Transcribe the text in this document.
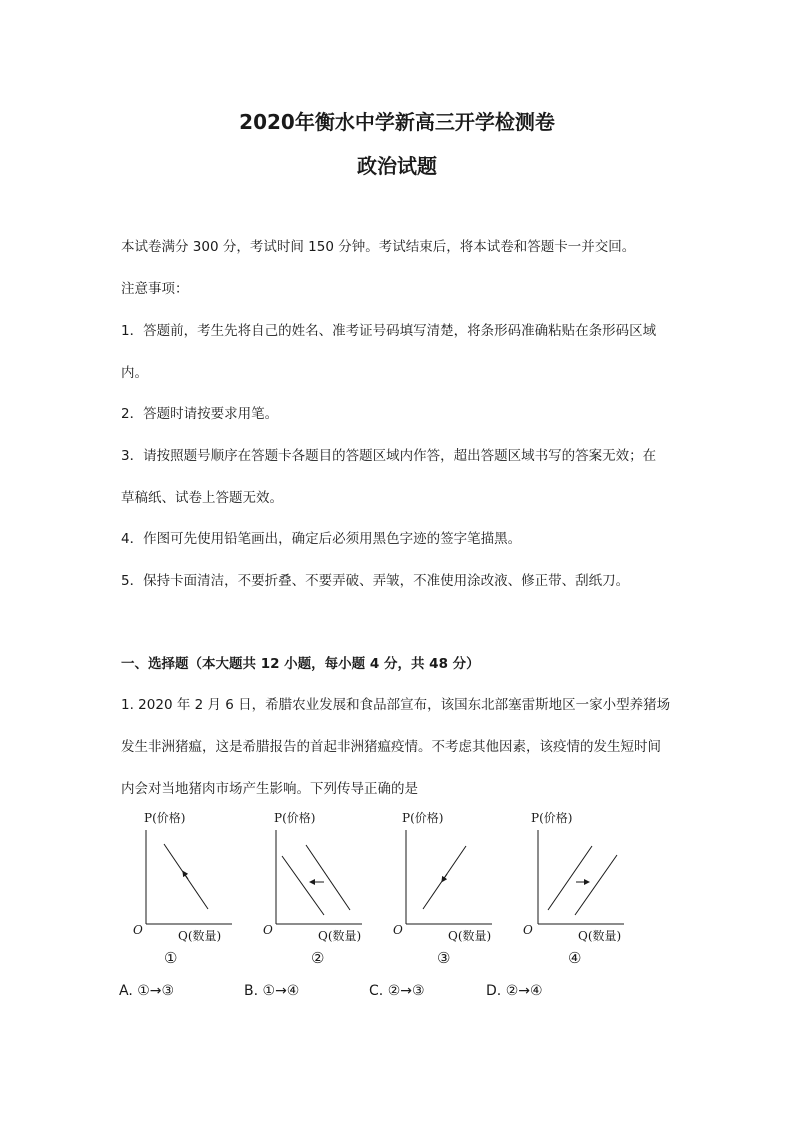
2020年衡水中学新高三开学检测卷
政治试题
本试卷满分 300 分，考试时间 150 分钟。考试结束后，将本试卷和答题卡一并交回。
注意事项：
1．答题前，考生先将自己的姓名、准考证号码填写清楚，将条形码准确粘贴在条形码区域
内。
2．答题时请按要求用笔。
3．请按照题号顺序在答题卡各题目的答题区域内作答，超出答题区域书写的答案无效；在
草稿纸、试卷上答题无效。
4．作图可先使用铅笔画出，确定后必须用黑色字迹的签字笔描黑。
5．保持卡面清洁，不要折叠、不要弄破、弄皱，不准使用涂改液、修正带、刮纸刀。
一、选择题（本大题共 12 小题，每小题 4 分，共 48 分）
1. 2020 年 2 月 6 日，希腊农业发展和食品部宣布，该国东北部塞雷斯地区一家小型养猪场
发生非洲猪瘟，这是希腊报告的首起非洲猪瘟疫情。不考虑其他因素，该疫情的发生短时间
内会对当地猪肉市场产生影响。下列传导正确的是
P(价格)
Q(数量)
O
①
P(价格)
Q(数量)
O
②
P(价格)
Q(数量)
O
③
P(价格)
Q(数量)
O
④
A. ①→③	B. ①→④	C. ②→③	D. ②→④
